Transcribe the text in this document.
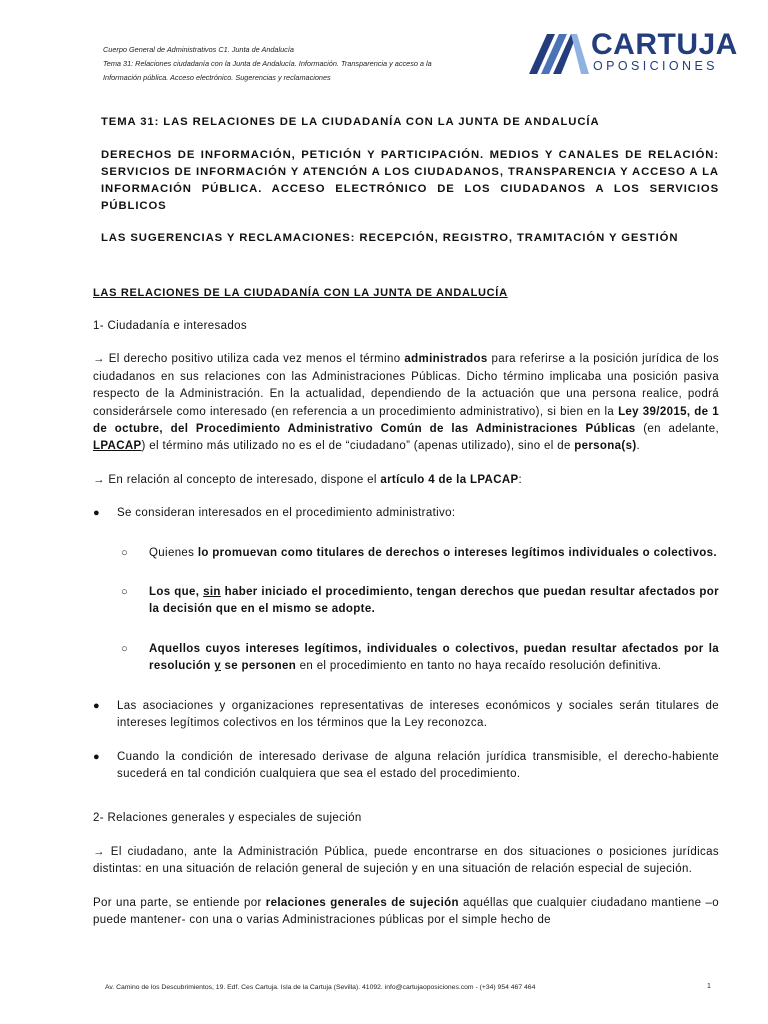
Cuerpo General de Administrativos C1. Junta de Andalucía
Tema 31: Relaciones ciudadanía con la Junta de Andalucía. Información. Transparencia y acceso a la
Información pública. Acceso electrónico. Sugerencias y reclamaciones
CARTUJA
OPOSICIONES
TEMA 31: LAS RELACIONES DE LA CIUDADANÍA CON LA JUNTA DE ANDALUCÍA
DERECHOS DE INFORMACIÓN, PETICIÓN Y PARTICIPACIÓN. MEDIOS Y CANALES DE RELACIÓN: SERVICIOS DE INFORMACIÓN Y ATENCIÓN A LOS CIUDADANOS, TRANSPARENCIA Y ACCESO A LA INFORMACIÓN PÚBLICA. ACCESO ELECTRÓNICO DE LOS CIUDADANOS A LOS SERVICIOS PÚBLICOS
LAS SUGERENCIAS Y RECLAMACIONES: RECEPCIÓN, REGISTRO, TRAMITACIÓN Y GESTIÓN
LAS RELACIONES DE LA CIUDADANÍA CON LA JUNTA DE ANDALUCÍA

1- Ciudadanía e interesados

→ El derecho positivo utiliza cada vez menos el término administrados para referirse a la posición jurídica de los ciudadanos en sus relaciones con las Administraciones Públicas. Dicho término implicaba una posición pasiva respecto de la Administración. En la actualidad, dependiendo de la actuación que una persona realice, podrá considerársele como interesado (en referencia a un procedimiento administrativo), si bien en la Ley 39/2015, de 1 de octubre, del Procedimiento Administrativo Común de las Administraciones Públicas (en adelante, LPACAP) el término más utilizado no es el de “ciudadano” (apenas utilizado), sino el de persona(s).

→ En relación al concepto de interesado, dispone el artículo 4 de la LPACAP:

● Se consideran interesados en el procedimiento administrativo:

○ Quienes lo promuevan como titulares de derechos o intereses legítimos individuales o colectivos.

○ Los que, sin haber iniciado el procedimiento, tengan derechos que puedan resultar afectados por la decisión que en el mismo se adopte.

○ Aquellos cuyos intereses legítimos, individuales o colectivos, puedan resultar afectados por la resolución y se personen en el procedimiento en tanto no haya recaído resolución definitiva.

● Las asociaciones y organizaciones representativas de intereses económicos y sociales serán titulares de intereses legítimos colectivos en los términos que la Ley reconozca.

● Cuando la condición de interesado derivase de alguna relación jurídica transmisible, el derecho-habiente sucederá en tal condición cualquiera que sea el estado del procedimiento.

2- Relaciones generales y especiales de sujeción

→ El ciudadano, ante la Administración Pública, puede encontrarse en dos situaciones o posiciones jurídicas distintas: en una situación de relación general de sujeción y en una situación de relación especial de sujeción.

Por una parte, se entiende por relaciones generales de sujeción aquéllas que cualquier ciudadano mantiene –o puede mantener- con una o varias Administraciones públicas por el simple hecho de

Av. Camino de los Descubrimientos, 19. Edf. Ces Cartuja. Isla de la Cartuja (Sevilla). 41092. info@cartujaoposiciones.com - (+34) 954 467 464	1
